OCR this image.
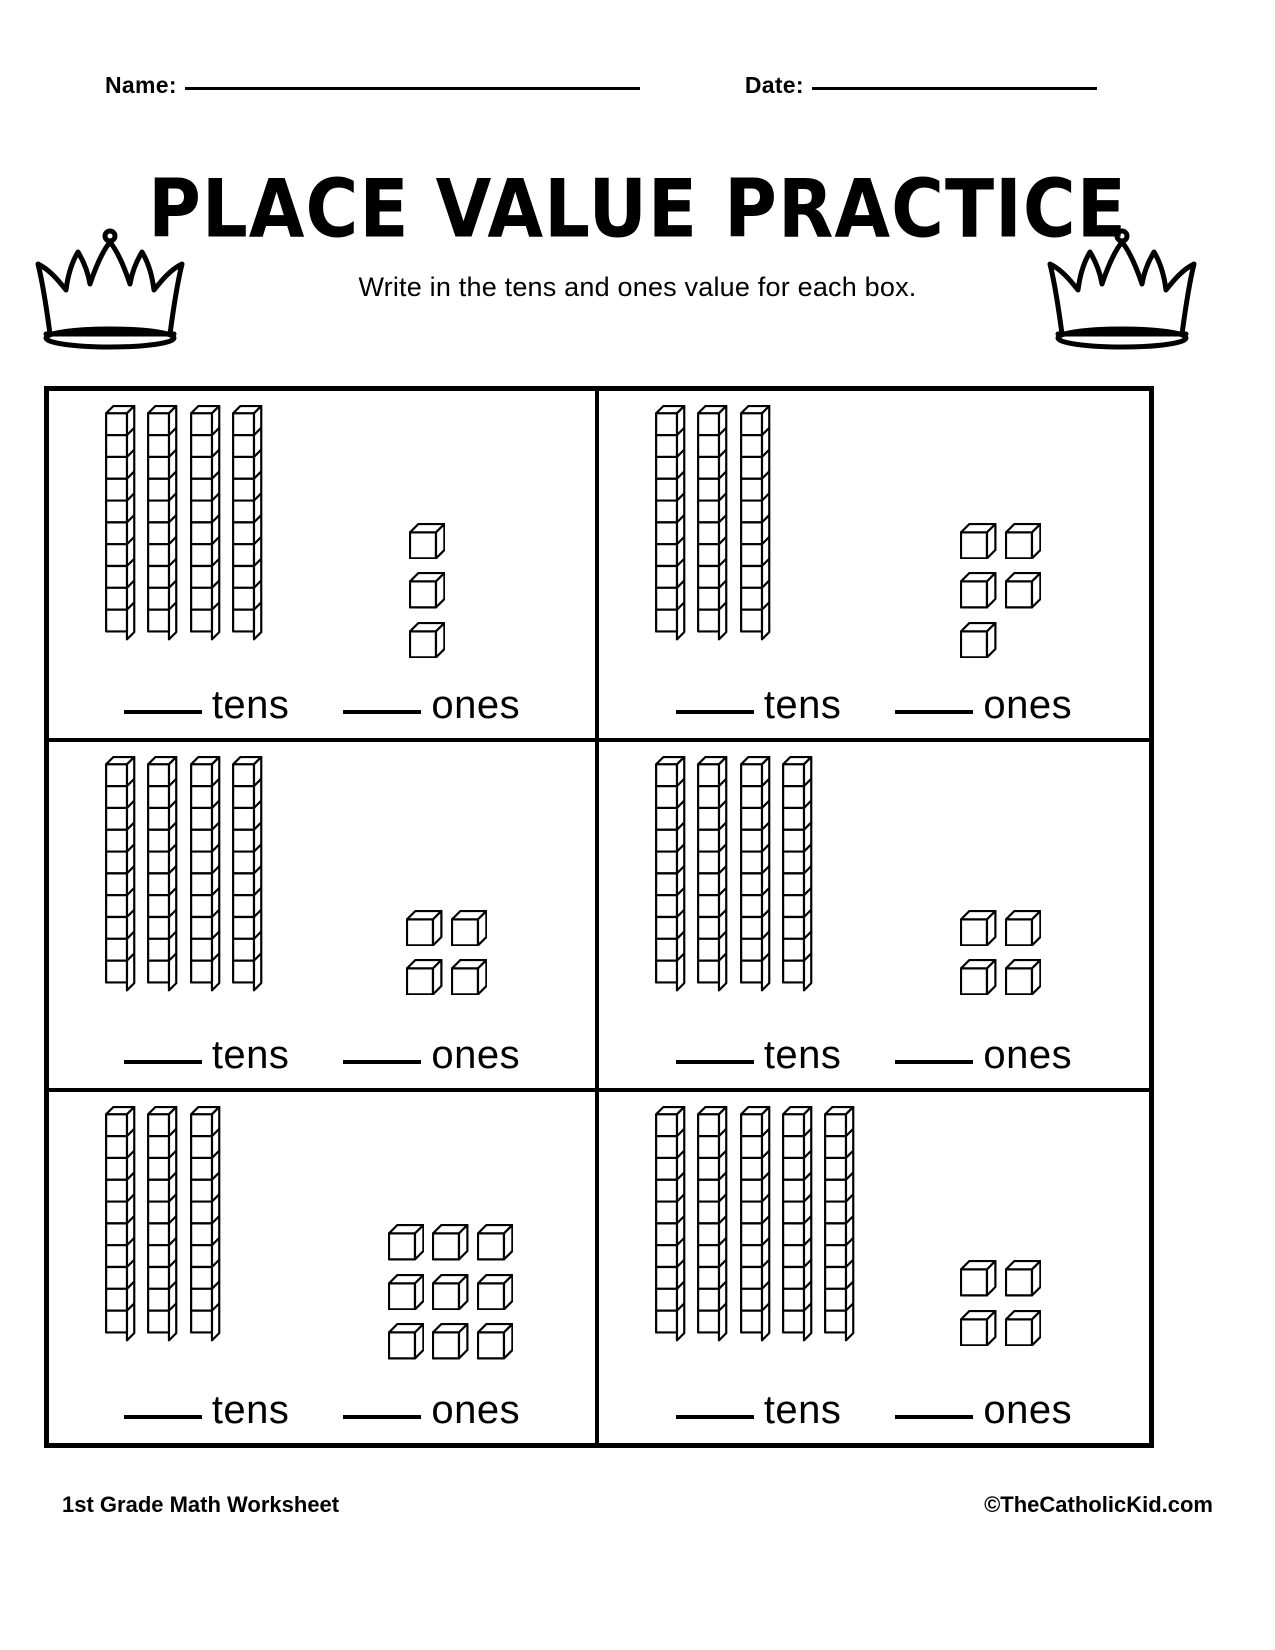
Name:	Date:
PLACE VALUE PRACTICE
Write in the tens and ones value for each box.
tens	ones	tens	ones
tens	ones	tens	ones
tens	ones	tens	ones
1st Grade Math Worksheet	©TheCatholicKid.com
